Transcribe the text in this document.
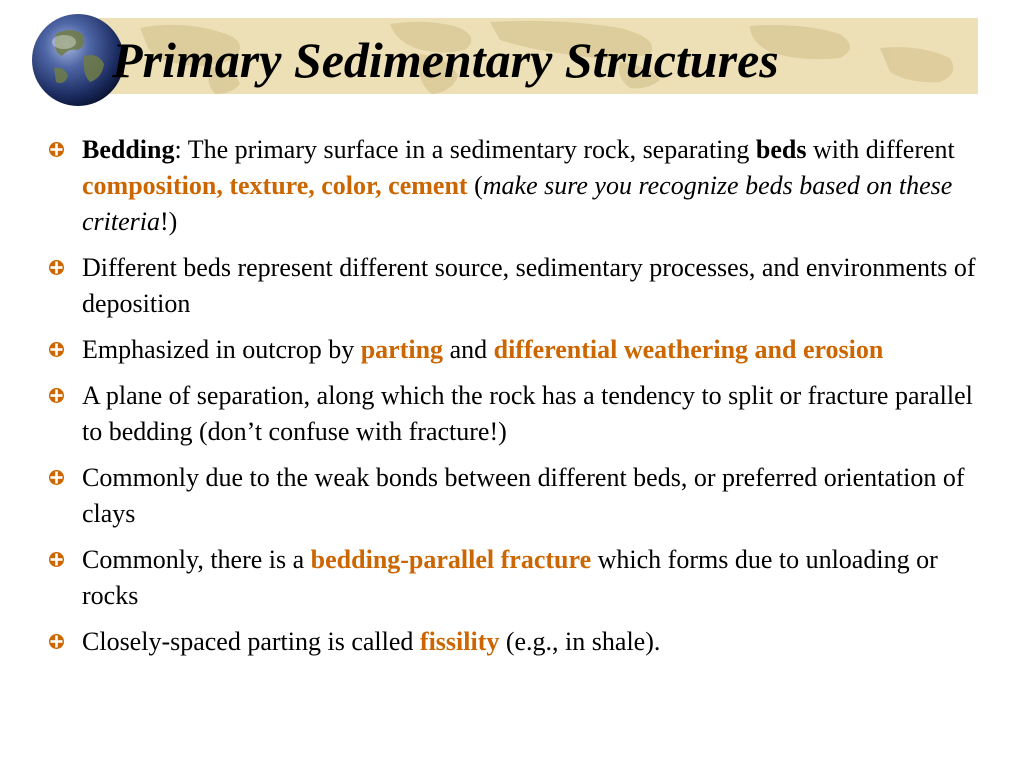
Primary Sedimentary Structures
Bedding: The primary surface in a sedimentary rock, separating beds with different composition, texture, color, cement (make sure you recognize beds based on these criteria!)
Different beds represent different source, sedimentary processes, and environments of deposition
Emphasized in outcrop by parting and differential weathering and erosion
A plane of separation, along which the rock has a tendency to split or fracture parallel to bedding (don’t confuse with fracture!)
Commonly due to the weak bonds between different beds, or preferred orientation of clays
Commonly, there is a bedding-parallel fracture which forms due to unloading or rocks
Closely-spaced parting is called fissility (e.g., in shale).
